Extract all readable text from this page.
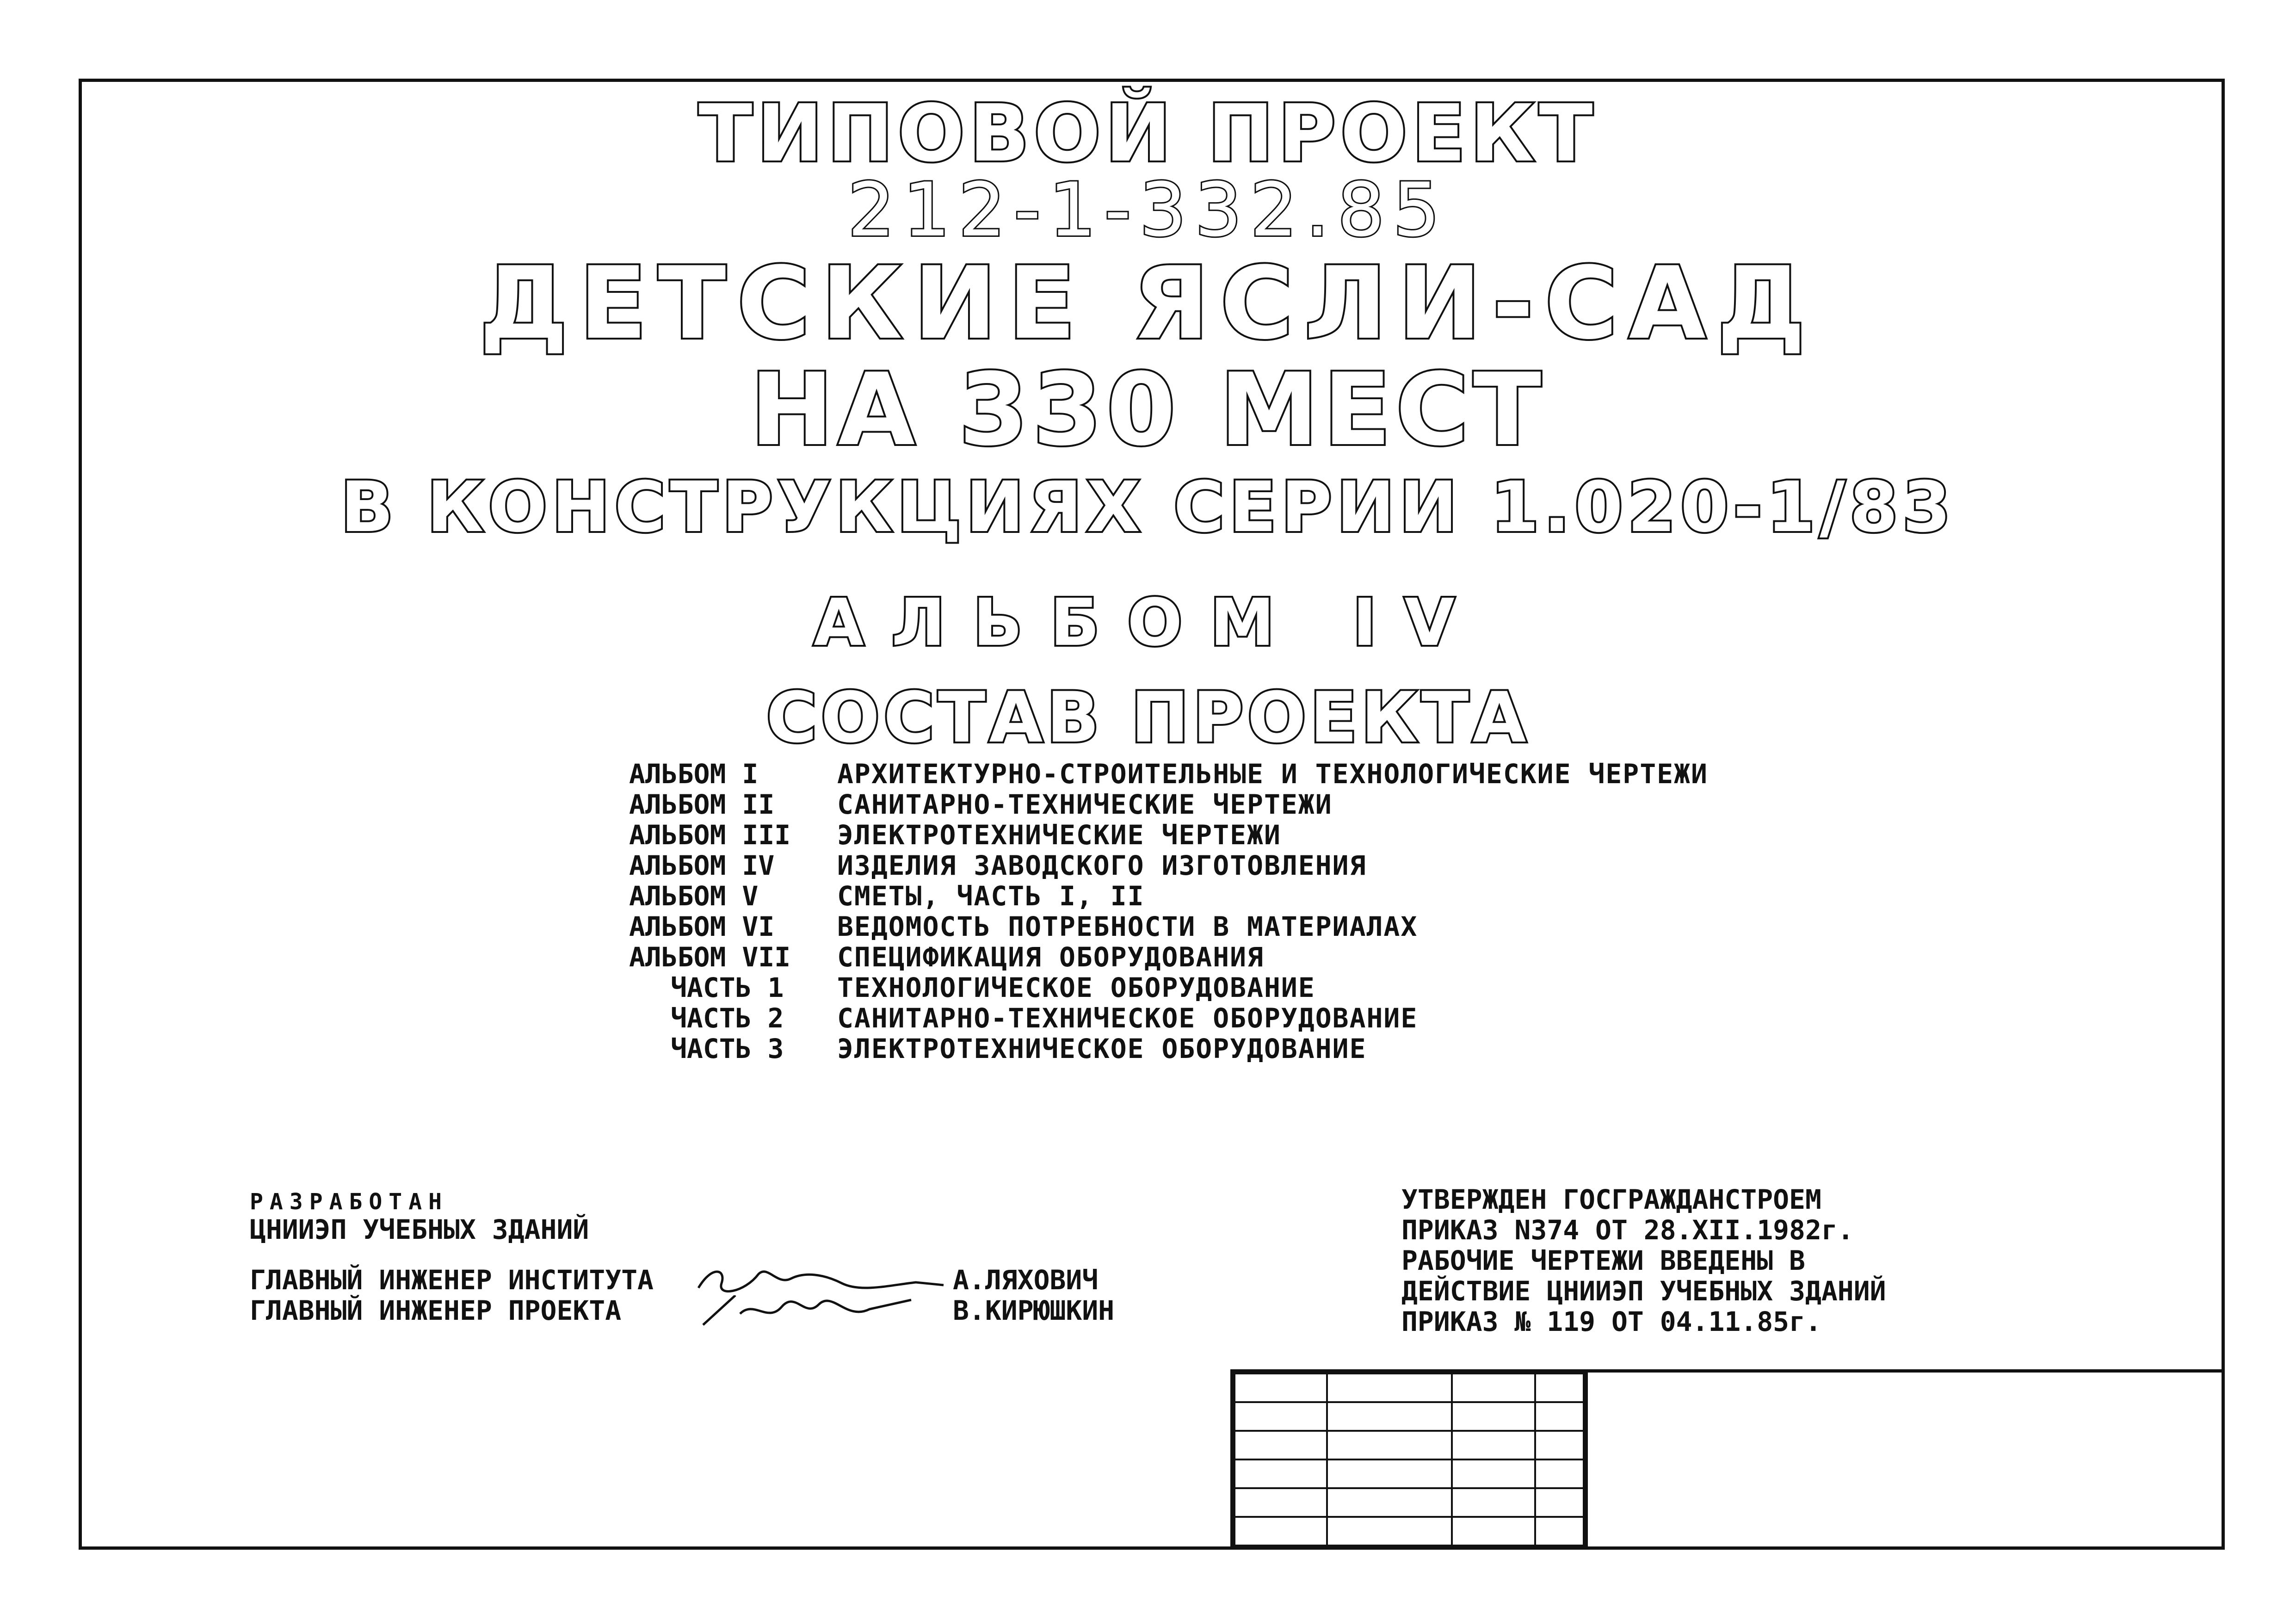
ТИПОВОЙ ПРОЕКТ
212-1-332.85
ДЕТСКИЕ ЯСЛИ-САД
НА 330 МЕСТ
В КОНСТРУКЦИЯХ СЕРИИ 1.020-1/83
АЛЬБОМ IV
СОСТАВ ПРОЕКТА
АЛЬБОМ I	АРХИТЕКТУРНО-СТРОИТЕЛЬНЫЕ И ТЕХНОЛОГИЧЕСКИЕ ЧЕРТЕЖИ
АЛЬБОМ II	САНИТАРНО-ТЕХНИЧЕСКИЕ ЧЕРТЕЖИ
АЛЬБОМ III	ЭЛЕКТРОТЕХНИЧЕСКИЕ ЧЕРТЕЖИ
АЛЬБОМ IV	ИЗДЕЛИЯ ЗАВОДСКОГО ИЗГОТОВЛЕНИЯ
АЛЬБОМ V	СМЕТЫ, ЧАСТЬ I, II
АЛЬБОМ VI	ВЕДОМОСТЬ ПОТРЕБНОСТИ В МАТЕРИАЛАХ
АЛЬБОМ VII	СПЕЦИФИКАЦИЯ ОБОРУДОВАНИЯ
ЧАСТЬ 1	ТЕХНОЛОГИЧЕСКОЕ ОБОРУДОВАНИЕ
ЧАСТЬ 2	САНИТАРНО-ТЕХНИЧЕСКОЕ ОБОРУДОВАНИЕ
ЧАСТЬ 3	ЭЛЕКТРОТЕХНИЧЕСКОЕ ОБОРУДОВАНИЕ
РАЗРАБОТАН
ЦНИИЭП УЧЕБНЫХ ЗДАНИЙ
ГЛАВНЫЙ ИНЖЕНЕР ИНСТИТУТА	А.ЛЯХОВИЧ
ГЛАВНЫЙ ИНЖЕНЕР ПРОЕКТА	В.КИРЮШКИН
УТВЕРЖДЕН ГОСГРАЖДАНСТРОЕМ
ПРИКАЗ N374 ОТ 28.XII.1982г.
РАБОЧИЕ ЧЕРТЕЖИ ВВЕДЕНЫ В
ДЕЙСТВИЕ ЦНИИЭП УЧЕБНЫХ ЗДАНИЙ
ПРИКАЗ № 119 ОТ 04.11.85г.
